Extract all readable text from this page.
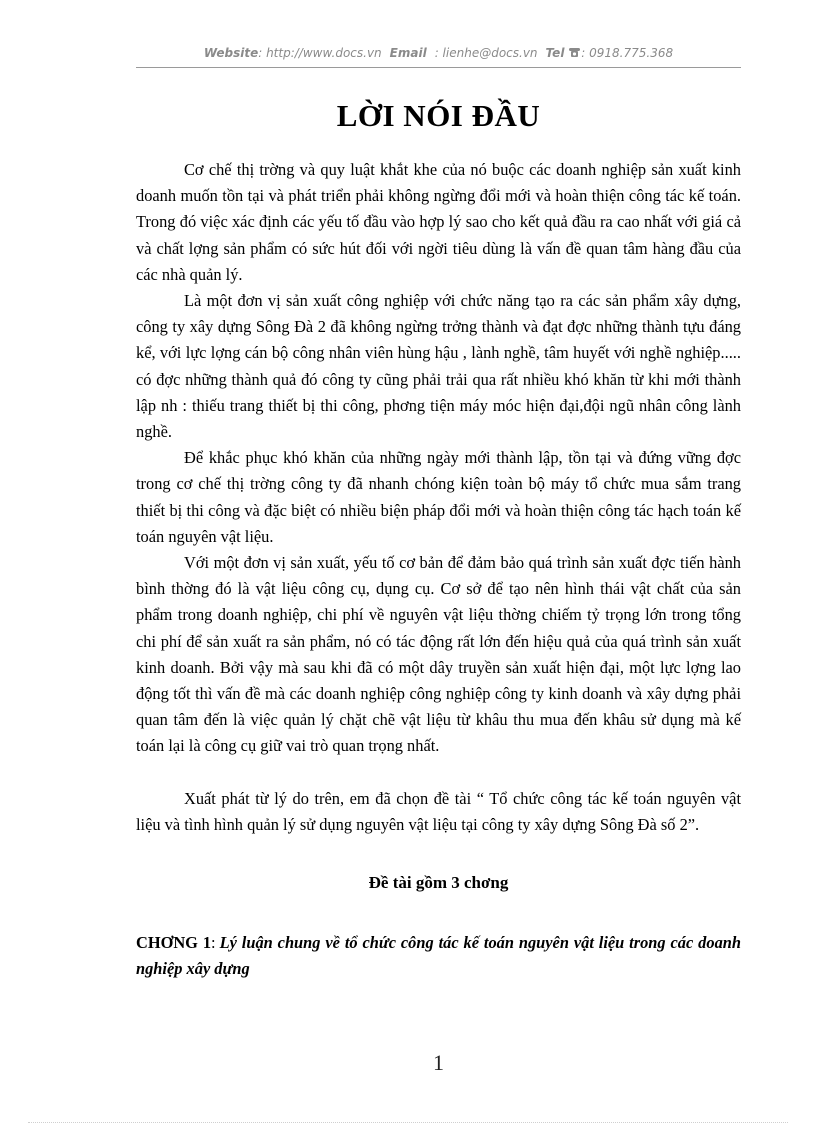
Website: http://www.docs.vn Email : lienhe@docs.vn Tel : 0918.775.368
LỜI NÓI ĐẦU

Cơ chế thị trờng và quy luật khắt khe của nó buộc các doanh nghiệp sản xuất kinh doanh muốn tồn tại và phát triển phải không ngừng đổi mới và hoàn thiện công tác kế toán. Trong đó việc xác định các yếu tố đầu vào hợp lý sao cho kết quả đầu ra cao nhất với giá cả và chất lợng sản phẩm có sức hút đối với ngời tiêu dùng là vấn đề quan tâm hàng đầu của các nhà quản lý.

Là một đơn vị sản xuất công nghiệp với chức năng tạo ra các sản phẩm xây dựng, công ty xây dựng Sông Đà 2 đã không ngừng trởng thành và đạt đợc những thành tựu đáng kể, với lực lợng cán bộ công nhân viên hùng hậu , lành nghề, tâm huyết với nghề nghiệp..... có đợc những thành quả đó công ty cũng phải trải qua rất nhiều khó khăn từ khi mới thành lập nh : thiếu trang thiết bị thi công, phơng tiện máy móc hiện đại,đội ngũ nhân công lành nghề.

Để khắc phục khó khăn của những ngày mới thành lập, tồn tại và đứng vững đợc trong cơ chế thị trờng công ty đã nhanh chóng kiện toàn bộ máy tổ chức mua sắm trang thiết bị thi công và đặc biệt có nhiều biện pháp đổi mới và hoàn thiện công tác hạch toán kế toán nguyên vật liệu.

Với một đơn vị sản xuất, yếu tố cơ bản để đảm bảo quá trình sản xuất đợc tiến hành bình thờng đó là vật liệu công cụ, dụng cụ. Cơ sở để tạo nên hình thái vật chất của sản phẩm trong doanh nghiệp, chi phí về nguyên vật liệu thờng chiếm tỷ trọng lớn trong tổng chi phí để sản xuất ra sản phẩm, nó có tác động rất lớn đến hiệu quả của quá trình sản xuất kinh doanh. Bởi vậy mà sau khi đã có một dây truyền sản xuất hiện đại, một lực lợng lao động tốt thì vấn đề mà các doanh nghiệp công nghiệp công ty kinh doanh và xây dựng phải quan tâm đến là việc quản lý chặt chẽ vật liệu từ khâu thu mua đến khâu sử dụng mà kế toán lại là công cụ giữ vai trò quan trọng nhất.

Xuất phát từ lý do trên, em đã chọn đề tài “ Tổ chức công tác kế toán nguyên vật liệu và tình hình quản lý sử dụng nguyên vật liệu tại công ty xây dựng Sông Đà số 2”.

Đề tài gồm 3 chơng
CHƠNG 1: Lý luận chung về tổ chức công tác kế toán nguyên vật liệu trong các doanh nghiệp xây dựng
1
